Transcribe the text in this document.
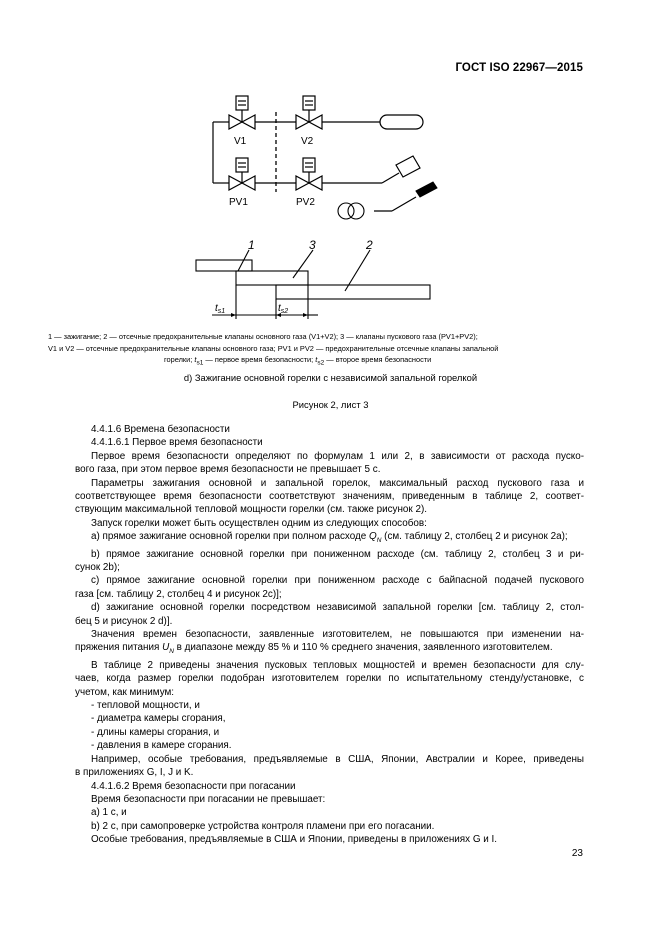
ГОСТ ISO 22967—2015
V1	V2
PV1	PV2
1	3	2
$t_{s1}$	$t_{s2}$
1 — зажигание; 2 — отсечные предохранительные клапаны основного газа (V1+V2); 3 — клапаны пускового газа (PV1+PV2);
V1 и V2 — отсечные предохранительные клапаны основного газа; PV1 и PV2 — предохранительные отсечные клапаны запальной
горелки; $t_{s1}$ — первое время безопасности; $t_{s2}$ — второе время безопасности
d) Зажигание основной горелки с независимой запальной горелкой
Рисунок 2, лист 3

4.4.1.6 Времена безопасности

4.4.1.6.1 Первое время безопасности

Первое время безопасности определяют по формулам 1 или 2, в зависимости от расхода пуско-

вого газа, при этом первое время безопасности не превышает 5 с.

Параметры зажигания основной и запальной горелок, максимальный расход пускового газа и

соответствующее время безопасности соответствуют значениям, приведенным в таблице 2, соответ-

ствующим максимальной тепловой мощности горелки (см. также рисунок 2).

Запуск горелки может быть осуществлен одним из следующих способов:

a) прямое зажигание основной горелки при полном расходе $Q_N$ (см. таблицу 2, столбец 2 и рисунок 2a);

b) прямое зажигание основной горелки при пониженном расходе (см. таблицу 2, столбец 3 и ри-

сунок 2b);

c) прямое зажигание основной горелки при пониженном расходе с байпасной подачей пускового

газа [см. таблицу 2, столбец 4 и рисунок 2c)];

d) зажигание основной горелки посредством независимой запальной горелки [см. таблицу 2, стол-

бец 5 и рисунок 2 d)].

Значения времен безопасности, заявленные изготовителем, не повышаются при изменении на-

пряжения питания $U_N$ в диапазоне между 85 % и 110 % среднего значения, заявленного изготовителем.

В таблице 2 приведены значения пусковых тепловых мощностей и времен безопасности для слу-

чаев, когда размер горелки подобран изготовителем горелки по испытательному стенду/установке, с

учетом, как минимум:

- тепловой мощности, и

- диаметра камеры сгорания,

- длины камеры сгорания, и

- давления в камере сгорания.

Например, особые требования, предъявляемые в США, Японии, Австралии и Корее, приведены

в приложениях G, I, J и K.

4.4.1.6.2 Время безопасности при погасании

Время безопасности при погасании не превышает:

a) 1 с, и

b) 2 с, при самопроверке устройства контроля пламени при его погасании.

Особые требования, предъявляемые в США и Японии, приведены в приложениях G и I.

23
